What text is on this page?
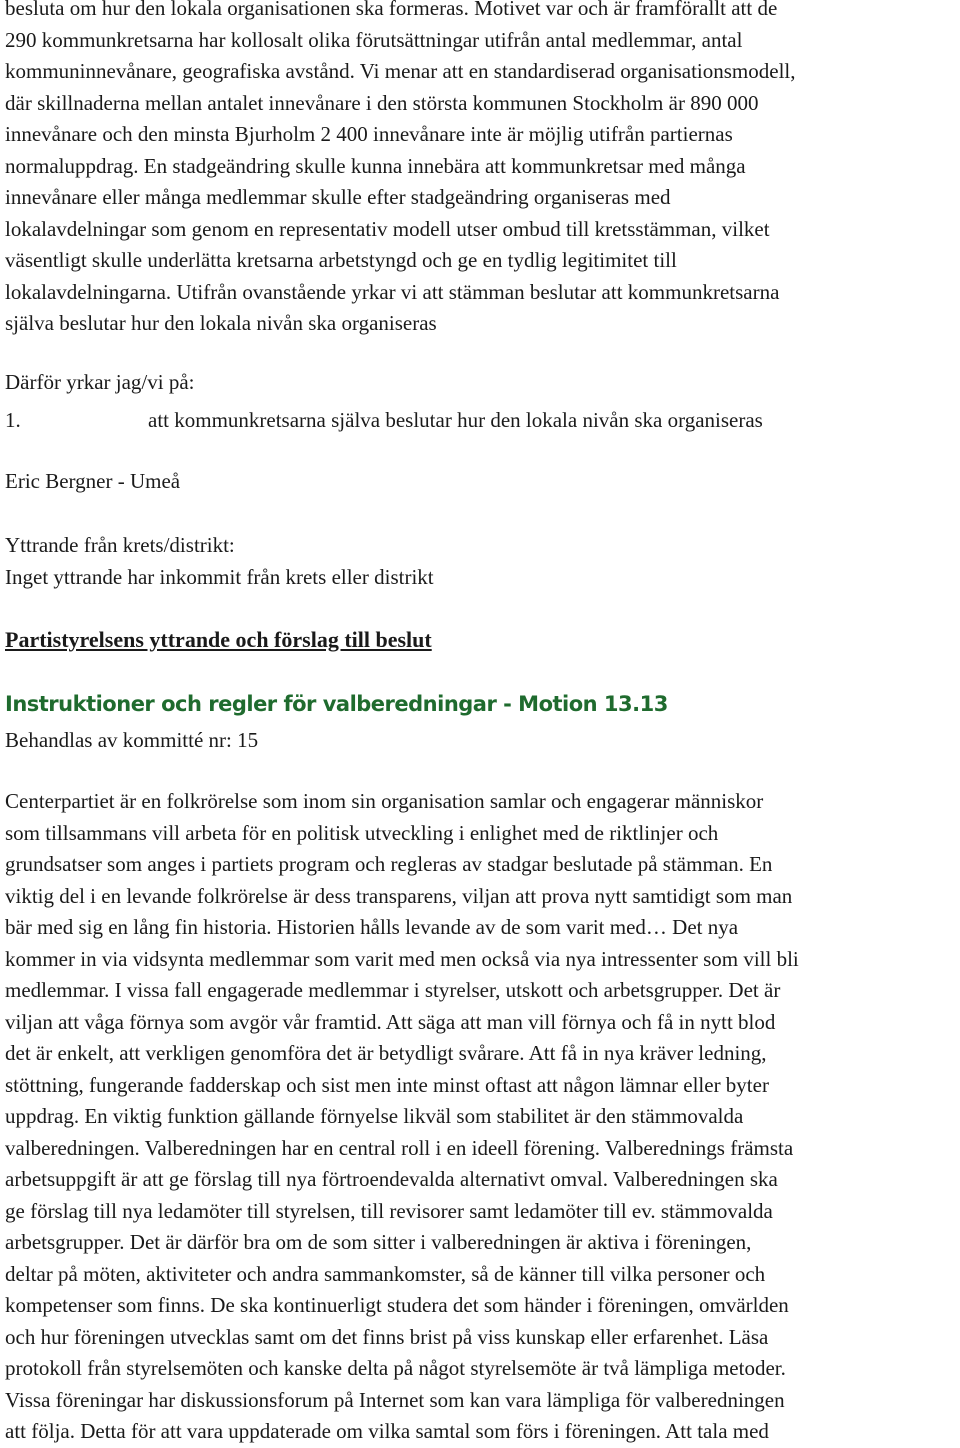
besluta om hur den lokala organisationen ska formeras. Motivet var och är framförallt att de
290 kommunkretsarna har kollosalt olika förutsättningar utifrån antal medlemmar, antal
kommuninnevånare, geografiska avstånd. Vi menar att en standardiserad organisationsmodell,
där skillnaderna mellan antalet innevånare i den största kommunen Stockholm är 890 000
innevånare och den minsta Bjurholm 2 400 innevånare inte är möjlig utifrån partiernas
normaluppdrag. En stadgeändring skulle kunna innebära att kommunkretsar med många
innevånare eller många medlemmar skulle efter stadgeändring organiseras med
lokalavdelningar som genom en representativ modell utser ombud till kretsstämman, vilket
väsentligt skulle underlätta kretsarna arbetstyngd och ge en tydlig legitimitet till
lokalavdelningarna. Utifrån ovanstående yrkar vi att stämman beslutar att kommunkretsarna
själva beslutar hur den lokala nivån ska organiseras
Därför yrkar jag/vi på:
1.	att kommunkretsarna själva beslutar hur den lokala nivån ska organiseras
Eric Bergner - Umeå
Yttrande från krets/distrikt:
Inget yttrande har inkommit från krets eller distrikt
Partistyrelsens yttrande och förslag till beslut
Instruktioner och regler för valberedningar - Motion 13.13
Behandlas av kommitté nr: 15
Centerpartiet är en folkrörelse som inom sin organisation samlar och engagerar människor
som tillsammans vill arbeta för en politisk utveckling i enlighet med de riktlinjer och
grundsatser som anges i partiets program och regleras av stadgar beslutade på stämman. En
viktig del i en levande folkrörelse är dess transparens, viljan att prova nytt samtidigt som man
bär med sig en lång fin historia. Historien hålls levande av de som varit med… Det nya
kommer in via vidsynta medlemmar som varit med men också via nya intressenter som vill bli
medlemmar. I vissa fall engagerade medlemmar i styrelser, utskott och arbetsgrupper. Det är
viljan att våga förnya som avgör vår framtid. Att säga att man vill förnya och få in nytt blod
det är enkelt, att verkligen genomföra det är betydligt svårare. Att få in nya kräver ledning,
stöttning, fungerande fadderskap och sist men inte minst oftast att någon lämnar eller byter
uppdrag. En viktig funktion gällande förnyelse likväl som stabilitet är den stämmovalda
valberedningen. Valberedningen har en central roll i en ideell förening. Valberednings främsta
arbetsuppgift är att ge förslag till nya förtroendevalda alternativt omval. Valberedningen ska
ge förslag till nya ledamöter till styrelsen, till revisorer samt ledamöter till ev. stämmovalda
arbetsgrupper. Det är därför bra om de som sitter i valberedningen är aktiva i föreningen,
deltar på möten, aktiviteter och andra sammankomster, så de känner till vilka personer och
kompetenser som finns. De ska kontinuerligt studera det som händer i föreningen, omvärlden
och hur föreningen utvecklas samt om det finns brist på viss kunskap eller erfarenhet. Läsa
protokoll från styrelsemöten och kanske delta på något styrelsemöte är två lämpliga metoder.
Vissa föreningar har diskussionsforum på Internet som kan vara lämpliga för valberedningen
att följa. Detta för att vara uppdaterade om vilka samtal som förs i föreningen. Att tala med
